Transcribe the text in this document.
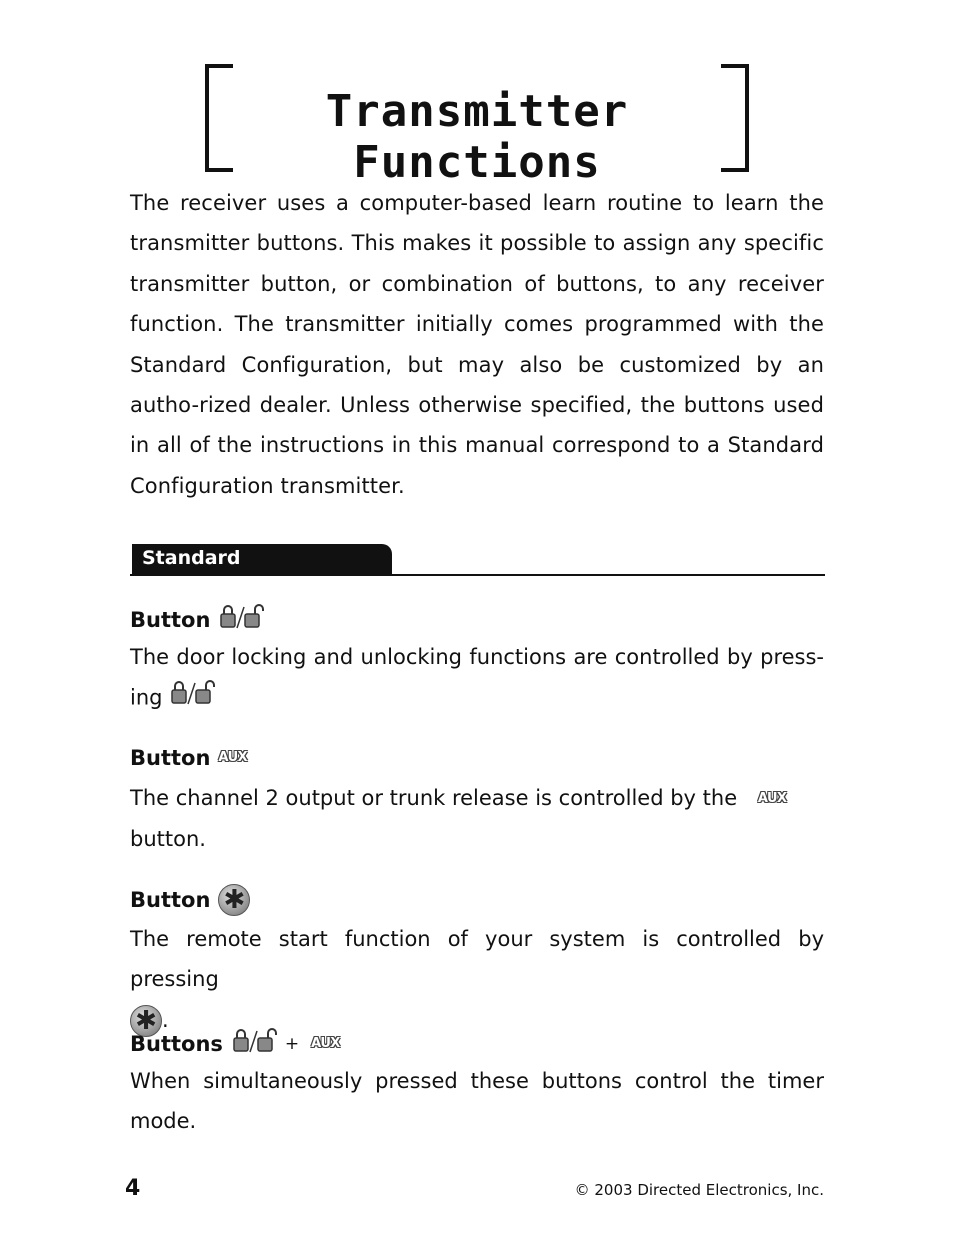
Transmitter Functions
The receiver uses a computer-based learn routine to learn the transmitter buttons. This makes it possible to assign any specific transmitter button, or combination of buttons, to any receiver function. The transmitter initially comes programmed with the Standard Configuration, but may also be customized by an autho-rized dealer. Unless otherwise specified, the buttons used in all of the instructions in this manual correspond to a Standard Configuration transmitter.
Standard Configuration
Button
The door locking and unlocking functions are controlled by press-ing
Button AUX
The channel 2 output or trunk release is controlled by the AUX
button.
Button ✱
The remote start function of your system is controlled by pressing
✱ .
Buttons	+ AUX
When simultaneously pressed these buttons control the timer mode.
4	© 2003 Directed Electronics, Inc.
